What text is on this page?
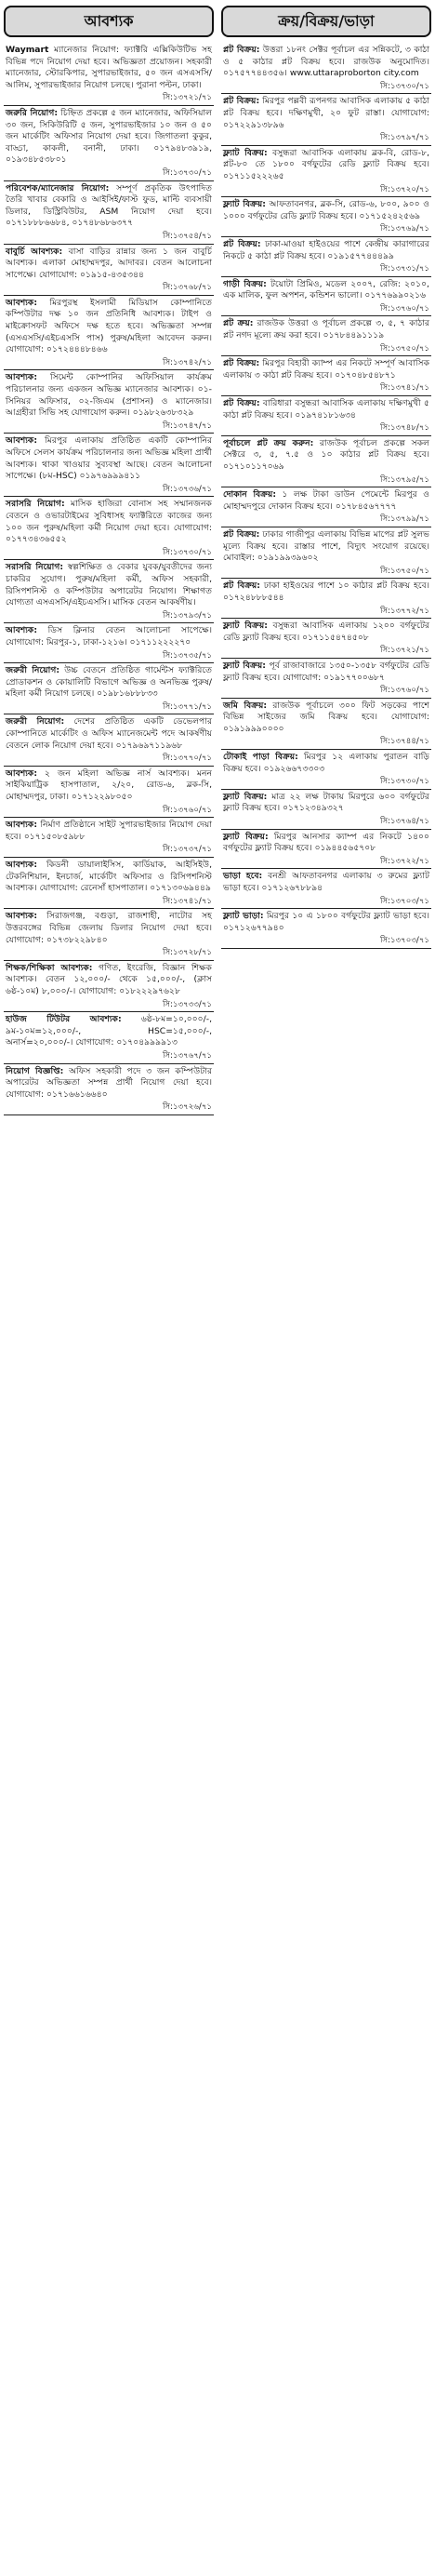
আবশ্যক
Waymart ম্যানেজার নিয়োগ: ফ্যাক্টরি এক্সিকিউটিভ সহ বিভিন্ন পদে নিয়োগ দেয়া হবে। অভিজ্ঞতা প্রয়োজন। সহকারী ম্যানেজার, স্টোরকিপার, সুপারভাইজার, ৫০ জন এসএসসি/আলিম, সুপারভাইজার নিয়োগ চলছে। পুরানা পল্টন, ঢাকা।
সি:১৩৭২১/৭১
জরুরি নিয়োগ: চিহ্নিত প্রকল্পে ৫ জন ম্যানেজার, অফিসিয়াল ৩০ জন, সিকিউরিটি ৫ জন, সুপারভাইজার ১০ জন ও ৫০ জন মার্কেটিং অফিসার নিয়োগ দেয়া হবে। জিগাতলা কুকুর, বাড্ডা, কাকলী, বনানী, ঢাকা। ০১৭৯৪৮৩৯১৯, ০১৯৩৪৮৫৩৮০১
সি:১৩৭৩০/৭১
পরিবেশক/ম্যানেজার নিয়োগ: সম্পূর্ণ প্রকৃতিক উৎপাদিত তৈরি খাবার বেকারি ও আইসিই/ফাস্ট ফুড, মাল্টি ব্যবসায়ী ডিলার, ডিস্ট্রিবিউটর, ASM নিয়োগ দেয়া হবে। ০১৭১৮৮৮৬৬৮৪, ০১৭৪৮৬৮৬৩৭৭
সি:১৩৭৫৪/৭১
বাবুর্চি আবশ্যক: বাসা বাড়ির রান্নার জন্য ১ জন বাবুর্চি আবশ্যক। এলাকা মোহাম্মদপুর, আদাবর। বেতন আলোচনা সাপেক্ষে। যোগাযোগ: ০১৯১৫-৪৩৫৩৪৪
সি:১৩৭৬৮/৭১
আবশ্যক: মিরপুরস্থ ইসলামী মিডিয়াস কোম্পানিতে কম্পিউটার দক্ষ ১০ জন প্রতিনিধি আবশ্যক। টাইপ ও মাইক্রোসফট অফিসে দক্ষ হতে হবে। অভিজ্ঞতা সম্পন্ন (এসএসসি/এইচএসসি পাস) পুরুষ/মহিলা আবেদন করুন। যোগাযোগ: ০১৭২৪৪৪৮৪৬৬
সি:১৩৭৪২/৭১
আবশ্যক: সিমেন্ট কোম্পানির অফিসিয়াল কার্যক্রম পরিচালনার জন্য একজন অভিজ্ঞ ম্যানেজার আবশ্যক। ০১-সিনিয়র অফিসার, ০২-জিএম (প্রশাসন) ও ম্যানেজার। আগ্রহীরা সিভি সহ যোগাযোগ করুন। ০১৯৮২৬৩৮৩২৯
সি:১৩৭৪৭/৭১
আবশ্যক: মিরপুর এলাকায় প্রতিষ্ঠিত একটি কোম্পানির অফিসে সেলস কার্যক্রম পরিচালনার জন্য অভিজ্ঞ মহিলা প্রার্থী আবশ্যক। থাকা খাওয়ার সুব্যবস্থা আছে। বেতন আলোচনা সাপেক্ষে। (৮ম-HSC) ০১৯৭৬৯৯৯৪১১
সি:১৩৭৩৬/৭১
সরাসরি নিয়োগ: মাসিক হাজিরা বোনাস সহ সম্মানজনক বেতনে ও ওভারটাইমের সুবিধাসহ ফ্যাক্টরিতে কাজের জন্য ১০০ জন পুরুষ/মহিলা কর্মী নিয়োগ দেয়া হবে। যোগাযোগ: ০১৭৭৩৪৩৬৫৫২
সি:১৩৭৩০/৭১
সরাসরি নিয়োগ: স্বল্পশিক্ষিত ও বেকার যুবক/যুবতীদের জন্য চাকরির সুযোগ। পুরুষ/মহিলা কর্মী, অফিস সহকারী, রিসিপশনিস্ট ও কম্পিউটার অপারেটর নিয়োগ। শিক্ষাগত যোগ্যতা এসএসসি/এইচএসসি। মাসিক বেতন আকর্ষণীয়।
সি:১৩৭৯৩/৭১
আবশ্যক: ডিস ক্লিনার বেতন আলোচনা সাপেক্ষে। যোগাযোগ: মিরপুর-১, ঢাকা-১২১৬। ০১৭১১২২২২৭০
সি:১৩৭৩৫/৭১
জরুরী নিয়োগ: উচ্চ বেতনে প্রতিষ্ঠিত গার্মেন্টস ফ্যাক্টরিতে প্রোডাকশন ও কোয়ালিটি বিভাগে অভিজ্ঞ ও অনভিজ্ঞ পুরুষ/মহিলা কর্মী নিয়োগ চলছে। ০১৯৮১৬৮৮৮৩৩
সি:১৩৭৭১/৭১
জরুরী নিয়োগ: দেশের প্রতিষ্ঠিত একটি ডেভেলপার কোম্পানিতে মার্কেটিং ও অফিস ম্যানেজমেন্ট পদে আকর্ষণীয় বেতনে লোক নিয়োগ দেয়া হবে। ০১৭৯৬৯৭১১৯৬৮
সি:১৩৭৭০/৭১
আবশ্যক: ২ জন মহিলা অভিজ্ঞ নার্স আবশ্যক। মনন সাইকিয়াট্রিক হাসপাতাল, ২/২০, রোড-৬, ব্লক-সি, মোহাম্মদপুর, ঢাকা। ০১৭১২২৯৮০৫০
সি:১৩৭৬০/৭১
আবশ্যক: নির্মাণ প্রতিষ্ঠানে সাইট সুপারভাইজার নিয়োগ দেয়া হবে। ০১৭১৫০৮৫৯৮৮
সি:১৩৭৩৭/৭১
আবশ্যক: কিডনী ডায়ালাইসিস, কার্ডিয়াক, আইসিইউ, টেকনিশিয়ান, ইনচার্জ, মার্কেটিং অফিসার ও রিসিপশনিস্ট আবশ্যক। যোগাযোগ: রেনেসাঁ হাসপাতাল। ০১৭১৩০৬৯৪৪৯
সি:১৩৭৪১/৭১
আবশ্যক: সিরাজগঞ্জ, বগুড়া, রাজশাহী, নাটোর সহ উত্তরবঙ্গের বিভিন্ন জেলায় ডিলার নিয়োগ দেয়া হবে। যোগাযোগ: ০১৭৩৮২২৯৮৪০
সি:১৩৭২৮/৭১
শিক্ষক/শিক্ষিকা আবশ্যক: গণিত, ইংরেজি, বিজ্ঞান শিক্ষক আবশ্যক। বেতন ১২,০০০/- থেকে ১৫,০০০/-, (ক্লাস ৬ষ্ঠ-১০ম) ৮,০০০/-। যোগাযোগ: ০১৮২২২৯৭৬২৮
সি:১৩৭৩৩/৭১
হাউজ টিউটর আবশ্যক: ৬ষ্ঠ-৮ম=১০,০০০/-, ৯ম-১০ম=১২,০০০/-, HSC=১৫,০০০/-, অনার্স=২০,০০০/-। যোগাযোগ: ০১৭০৪৯৯৯৯১৩
সি:১৩৭৬৭/৭১
নিয়োগ বিজ্ঞপ্তি: অফিস সহকারী পদে ৩ জন কম্পিউটার অপারেটর অভিজ্ঞতা সম্পন্ন প্রার্থী নিয়োগ দেয়া হবে। যোগাযোগ: ০১৭১৬৬১৬৬৪০
সি:১৩৭২৬/৭১
ক্রয়/বিক্রয়/ভাড়া
প্লট বিক্রয়: উত্তরা ১৮নং সেক্টর পূর্বাচল এর সন্নিকটে, ৩ কাঠা ও ৫ কাঠার প্লট বিক্রয় হবে। রাজউক অনুমোদিত। ০১৭৫৭৭৪৪৩৫৬। www.uttaraproborton city.com
সি:১৩৭৩০/৭১
প্লট বিক্রয়: মিরপুর পল্লবী রূপনগর আবাসিক এলাকায় ৫ কাঠা প্লট বিক্রয় হবে। দক্ষিণমুখী, ২০ ফুট রাস্তা। যোগাযোগ: ০১৭২২৯১৩৮৯৬
সি:১৩৭৯৭/৭১
ফ্ল্যাট বিক্রয়: বসুন্ধরা আবাসিক এলাকায় ব্লক-বি, রোড-৮, প্লট-৮০ তে ১৮০০ বর্গফুটের রেডি ফ্ল্যাট বিক্রয় হবে। ০১৭১১৫২২২৬৫
সি:১৩৭২০/৭১
ফ্ল্যাট বিক্রয়: আফতাবনগর, ব্লক-সি, রোড-৬, ৮০০, ৯০০ ও ১০০০ বর্গফুটের রেডি ফ্ল্যাট বিক্রয় হবে। ০১৭১৫২৪২৫৬৯
সি:১৩৭৬৯/৭১
প্লট বিক্রয়: ঢাকা-মাওয়া হাইওয়ের পাশে কেন্দ্রীয় কারাগারের নিকটে ৫ কাঠা প্লট বিক্রয় হবে। ০১৯১৫৭৭৪৪৪৯৯
সি:১৩৭৩১/৭১
গাড়ী বিক্রয়: টয়োটা প্রিমিও, মডেল ২০০৭, রেজি: ২০১০, এক মালিক, ফুল অপশন, কন্ডিশন ভালো। ০১৭৭৬৯৯০২১৬
সি:১৩৭৬০/৭১
প্লট ক্রয়: রাজউক উত্তরা ও পূর্বাচল প্রকল্পে ৩, ৫, ৭ কাঠার প্লট নগদ মূল্যে ক্রয় করা হবে। ০১৭৮৪৪৯১১১৯
সি:১৩৭৫০/৭১
প্লট বিক্রয়: মিরপুর বিহারী ক্যাম্প এর নিকটে সম্পূর্ণ আবাসিক এলাকায় ৩ কাঠা প্লট বিক্রয় হবে। ০১৭০৪৮৫৪৮৭১
সি:১৩৭৪১/৭১
প্লট বিক্রয়: বারিধারা বসুন্ধরা আবাসিক এলাকায় দক্ষিণমুখী ৫ কাঠা প্লট বিক্রয় হবে। ০১৯৭৪১৮১৬৩৪
সি:১৩৭৪৮/৭১
পূর্বাচলে প্লট ক্রয় করুন: রাজউক পূর্বাচল প্রকল্পে সকল সেক্টরে ৩, ৫, ৭.৫ ও ১০ কাঠার প্লট বিক্রয় হবে। ০১৭১০১১৭০৬৯
সি:১৩৭৯৫/৭১
দোকান বিক্রয়: ১ লক্ষ টাকা ডাউন পেমেন্টে মিরপুর ও মোহাম্মদপুরে দোকান বিক্রয় হবে। ০১৭৮৪৫৬৭৭৭৭
সি:১৩৭৯৯/৭১
প্লট বিক্রয়: ঢাকার গাজীপুর এলাকায় বিভিন্ন মাপের প্লট সুলভ মূল্যে বিক্রয় হবে। রাস্তার পাশে, বিদ্যুৎ সংযোগ রয়েছে। মোবাইল: ০১৯১৯৯৩৯৬০২
সি:১৩৭৫০/৭১
প্লট বিক্রয়: ঢাকা হাইওয়ের পাশে ১০ কাঠার প্লট বিক্রয় হবে। ০১৭২৪৮৮৮৫৪৪
সি:১৩৭৭২/৭১
ফ্ল্যাট বিক্রয়: বসুন্ধরা আবাসিক এলাকায় ১২০০ বর্গফুটের রেডি ফ্ল্যাট বিক্রয় হবে। ০১৭১১৫৪৭৪৫০৮
সি:১৩৭২১/৭১
ফ্ল্যাট বিক্রয়: পূর্ব রাজাবাজারে ১৩৫০-১৩৫৮ বর্গফুটের রেডি ফ্ল্যাট বিক্রয় হবে। যোগাযোগ: ০১৯১৭৭০০৬৮৭
সি:১৩৭৬০/৭১
জমি বিক্রয়: রাজউক পূর্বাচলে ৩০০ ফিট সড়কের পাশে বিভিন্ন সাইজের জমি বিক্রয় হবে। যোগাযোগ: ০১৯১৯৯৯০০০০
সি:১৩৭৪৪/৭১
টোকাই পাড়া বিক্রয়: মিরপুর ১২ এলাকায় পুরাতন বাড়ি বিক্রয় হবে। ০১৯২৬৬৭৩৩০৩
সি:১৩৭৩০/৭১
ফ্ল্যাট বিক্রয়: মাত্র ২২ লক্ষ টাকায় মিরপুরে ৬০০ বর্গফুটের ফ্ল্যাট বিক্রয় হবে। ০১৭১২৩৪৯৩২৭
সি:১৩৭৬৪/৭১
ফ্ল্যাট বিক্রয়: মিরপুর আনসার ক্যাম্প এর নিকটে ১৪০০ বর্গফুটের ফ্ল্যাট বিক্রয় হবে। ০১৯৪৪৫৬৫৭০৮
সি:১৩৭২২/৭১
ভাড়া হবে: বনশ্রী আফতাবনগর এলাকায় ৩ রুমের ফ্ল্যাট ভাড়া হবে। ০১৭১২৬৭৮৮৯৪
সি:১৩৭০৩/৭১
ফ্ল্যাট ভাড়া: মিরপুর ১০ এ ১৮০০ বর্গফুটের ফ্ল্যাট ভাড়া হবে। ০১৭১২৬৭৭৯৪০
সি:১৩৭০৩/৭১
